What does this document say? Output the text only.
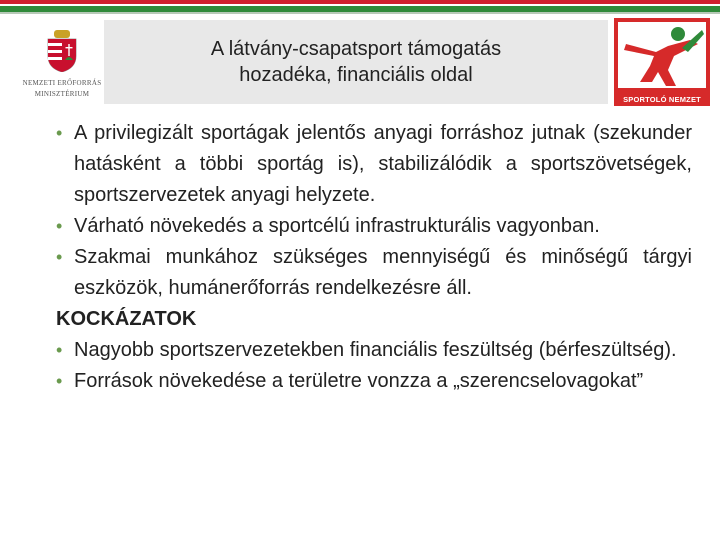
NEMZETI ERŐFORRÁS
MINISZTÉRIUM
A látvány-csapatsport támogatás
hozadéka, financiális oldal
SPORTOLÓ NEMZET
• A privilegizált sportágak jelentős anyagi forráshoz jutnak (szekunder hatásként a többi sportág is), stabilizálódik a sportszövetségek, sportszervezetek anyagi helyzete.
• Várható növekedés a sportcélú infrastrukturális vagyonban.
• Szakmai munkához szükséges mennyiségű és minőségű tárgyi eszközök, humánerőforrás rendelkezésre áll.
KOCKÁZATOK
• Nagyobb sportszervezetekben financiális feszültség (bérfeszültség).
• Források növekedése a területre vonzza a „szerencselovagokat”
